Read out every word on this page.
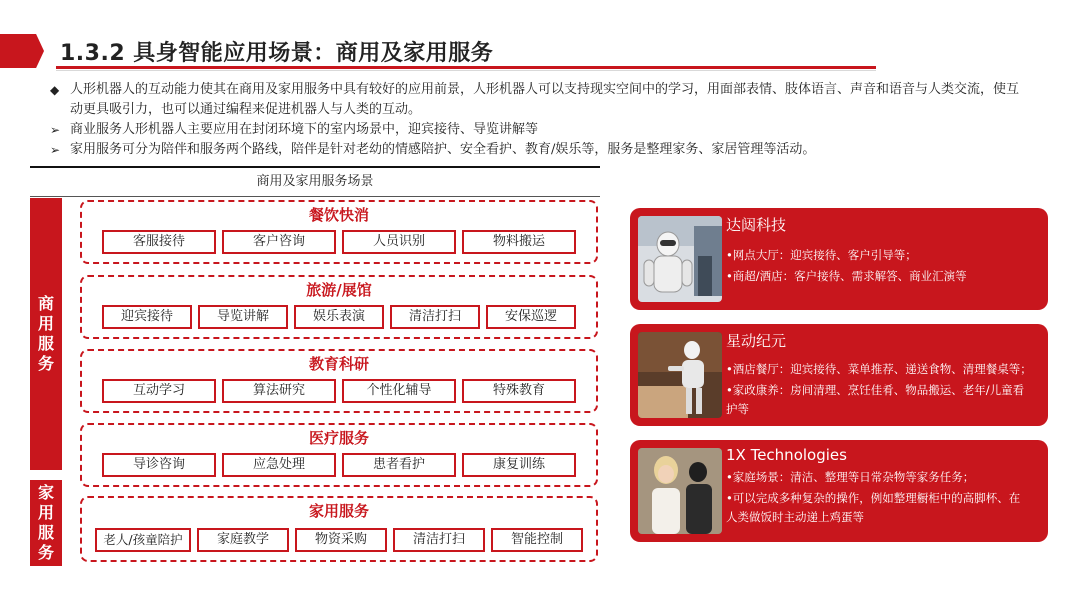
1.3.2 具身智能应用场景：商用及家用服务
◆ 人形机器人的互动能力使其在商用及家用服务中具有较好的应用前景，人形机器人可以支持现实空间中的学习，用面部表情、肢体语言、声音和语音与人类交流，使互动更具吸引力，也可以通过编程来促进机器人与人类的互动。
➢ 商业服务人形机器人主要应用在封闭环境下的室内场景中，迎宾接待、导览讲解等
➢ 家用服务可分为陪伴和服务两个路线，陪伴是针对老幼的情感陪护、安全看护、教育/娱乐等，服务是整理家务、家居管理等活动。
商用及家用服务场景
商用服务
家用服务
餐饮快消
客服接待	客户咨询	人员识别	物料搬运
旅游/展馆
迎宾接待	导览讲解	娱乐表演	清洁打扫	安保巡逻
教育科研
互动学习	算法研究	个性化辅导	特殊教育
医疗服务
导诊咨询	应急处理	患者看护	康复训练
家用服务
老人/孩童陪护	家庭教学	物资采购	清洁打扫	智能控制
达闼科技
•网点大厅：迎宾接待、客户引导等；
•商超/酒店：客户接待、需求解答、商业汇演等
星动纪元
•酒店餐厅：迎宾接待、菜单推荐、递送食物、清理餐桌等；
•家政康养：房间清理、烹饪佳肴、物品搬运、老年/儿童看
护等
1X Technologies
•家庭场景：清洁、整理等日常杂物等家务任务；
•可以完成多种复杂的操作，例如整理橱柜中的高脚杯、在
人类做饭时主动递上鸡蛋等
